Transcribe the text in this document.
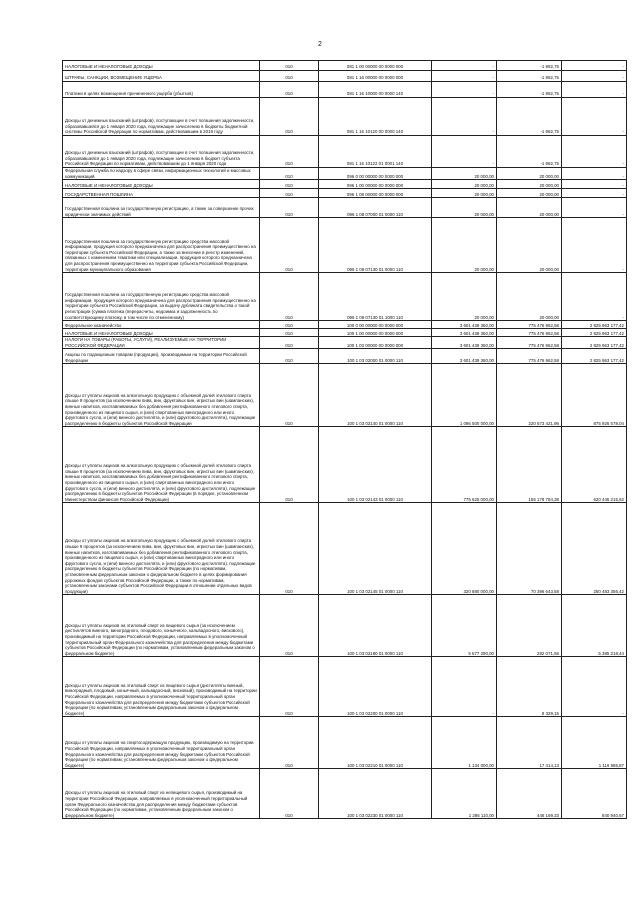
2
НАЛОГОВЫЕ И НЕНАЛОГОВЫЕ ДОХОДЫ	010	081 1 00 00000 00 0000 000	-	-1 892,75	-
ШТРАФЫ, САНКЦИИ, ВОЗМЕЩЕНИЕ УЩЕРБА	010	081 1 16 00000 00 0000 000	-	-1 892,75	-
Платежи в целях возмещения причиненного ущерба (убытков)	010	081 1 16 10000 00 0000 140	-	-1 892,75	-
Доходы от денежных взысканий (штрафов), поступающие в счет погашения задолженности, образовавшейся до 1 января 2020 года, подлежащие зачислению в бюджеты бюджетной системы Российской Федерации по нормативам, действовавшим в 2019 году	010	081 1 16 10120 00 0000 140	-	-1 892,75	-
Доходы от денежных взысканий (штрафов), поступающие в счет погашения задолженности, образовавшейся до 1 января 2020 года, подлежащие зачислению в бюджет субъекта Российской Федерации по нормативам, действовавшим до 1 января 2020 года	010	081 1 16 10122 01 0001 140	-	-1 892,75	-
Федеральная служба по надзору в сфере связи, информационных технологий и массовых коммуникаций	010	096 0 00 00000 00 0000 000	20 000,00	20 000,00	-
НАЛОГОВЫЕ И НЕНАЛОГОВЫЕ ДОХОДЫ	010	096 1 00 00000 00 0000 000	20 000,00	20 000,00	-
ГОСУДАРСТВЕННАЯ ПОШЛИНА	010	096 1 08 00000 00 0000 000	20 000,00	20 000,00	-
Государственная пошлина за государственную регистрацию, а также за совершение прочих юридически значимых действий	010	096 1 08 07000 01 0000 110	20 000,00	20 000,00	-
Государственная пошлина за государственную регистрацию средства массовой информации, продукция которого предназначена для распространения преимущественно на территории субъекта Российской Федерации, а также за внесение в реестр изменений, связанных с изменением тематики или специализации, продукция которого предназначена для распространения преимущественно на территории субъекта Российской Федерации, территории муниципального образования	010	096 1 08 07130 01 0000 110	20 000,00	20 000,00	-
Государственная пошлина за государственную регистрацию средства массовой информации, продукция которого предназначена для распространения преимущественно на территории субъекта Российской Федерации, за выдачу дубликата свидетельства о такой регистрации (сумма платежа (перерасчеты, недоимка и задолженность по соответствующему платежу, в том числе по отмененному)	010	096 1 08 07130 01 1000 110	20 000,00	20 000,00	-
Федеральное казначейство	010	100 0 00 00000 00 0000 000	3 601 439 360,00	775 476 962,58	2 825 963 177,42
НАЛОГОВЫЕ И НЕНАЛОГОВЫЕ ДОХОДЫ	010	100 1 00 00000 00 0000 000	3 601 439 360,00	775 476 962,58	2 825 963 177,42
НАЛОГИ НА ТОВАРЫ (РАБОТЫ, УСЛУГИ), РЕАЛИЗУЕМЫЕ НА ТЕРРИТОРИИ РОССИЙСКОЙ ФЕДЕРАЦИИ	010	100 1 03 00000 00 0000 000	3 601 439 360,00	775 476 962,58	2 825 963 177,42
Акцизы по подакцизным товарам (продукции), производимым на территории Российской Федерации	010	100 1 03 02000 01 0000 110	3 601 439 360,00	775 476 962,58	2 825 963 177,42
Доходы от уплаты акцизов на алкогольную продукцию с объемной долей этилового спирта свыше 9 процентов (за исключением пива, вин, фруктовых вин, игристых вин (шампанских), винных напитков, изготавливаемых без добавления ректификованного этилового спирта, произведенного из пищевого сырья, и (или) спиртованных виноградного или иного фруктового сусла, и (или) винного дистиллята, и (или) фруктового дистиллята), подлежащие распределению в бюджеты субъектов Российской Федерации	010	100 1 03 02140 01 0000 110	1 096 500 000,00	220 573 421,96	875 926 578,04
Доходы от уплаты акцизов на алкогольную продукцию с объемной долей этилового спирта свыше 9 процентов (за исключением пива, вин, фруктовых вин, игристых вин (шампанских), винных напитков, изготавливаемых без добавления ректификованного этилового спирта, произведенного из пищевого сырья, и (или) спиртованных виноградного или иного фруктового сусла, и (или) винного дистиллята, и (или) фруктового дистиллята), подлежащие распределению в бюджеты субъектов Российской Федерации (в порядке, установленном Министерством финансов Российской Федерации)	010	100 1 03 02143 01 0000 110	775 625 000,00	155 178 784,38	620 446 215,62
Доходы от уплаты акцизов на алкогольную продукцию с объемной долей этилового спирта свыше 9 процентов (за исключением пива, вин, фруктовых вин, игристых вин (шампанских), винных напитков, изготавливаемых без добавления ректификованного этилового спирта, произведенного из пищевого сырья, и (или) спиртованных виноградного или иного фруктового сусла, и (или) винного дистиллята, и (или) фруктового дистиллята), подлежащие распределению в бюджеты субъектов Российской Федерации (по нормативам, установленным федеральным законом о федеральном бюджете в целях формирования дорожных фондов субъектов Российской Федерации, а также по нормативам, установленным законами субъектов Российской Федерации в отношении отдельных видов продукции)	010	100 1 03 02145 01 0000 110	320 880 000,00	70 396 643,58	250 483 356,42
Доходы от уплаты акцизов на этиловый спирт из пищевого сырья (за исключением дистиллятов винного, виноградного, плодового, коньячного, кальвадосного, вискового), производимый на территории Российской Федерации, направляемых в уполномоченный территориальный орган Федерального казначейства для распределения между бюджетами субъектов Российской Федерации (по нормативам, установленным федеральным законом о федеральном бюджете)	010	100 1 03 02180 01 0000 110	5 677 290,00	292 071,56	5 385 218,44
Доходы от уплаты акцизов на этиловый спирт из пищевого сырья (дистилляты винный, виноградный, плодовый, коньячный, кальвадосный, висковый), производимый на территории Российской Федерации, направляемых в уполномоченный территориальный орган Федерального казначейства для распределения между бюджетами субъектов Российской Федерации (по нормативам, установленным федеральным законом о федеральном бюджете)	010	100 1 03 02200 01 0000 110	-	8 329,15	-
Доходы от уплаты акцизов на спиртосодержащую продукцию, производимую на территории Российской Федерации, направляемых в уполномоченный территориальный орган Федерального казначейства для распределения между бюджетами субъектов Российской Федерации (по нормативам, установленным федеральным законом о федеральном бюджете)	010	100 1 03 02210 01 0000 110	1 134 000,00	17 414,13	1 116 585,87
Доходы от уплаты акцизов на этиловый спирт из непищевого сырья, производимый на территории Российской Федерации, направляемых в уполномоченный территориальный орган Федерального казначейства для распределения между бюджетами субъектов Российской Федерации (по нормативам, установленным федеральным законом о федеральном бюджете)	010	100 1 03 02230 01 0000 110	1 286 110,00	446 169,33	840 940,67
